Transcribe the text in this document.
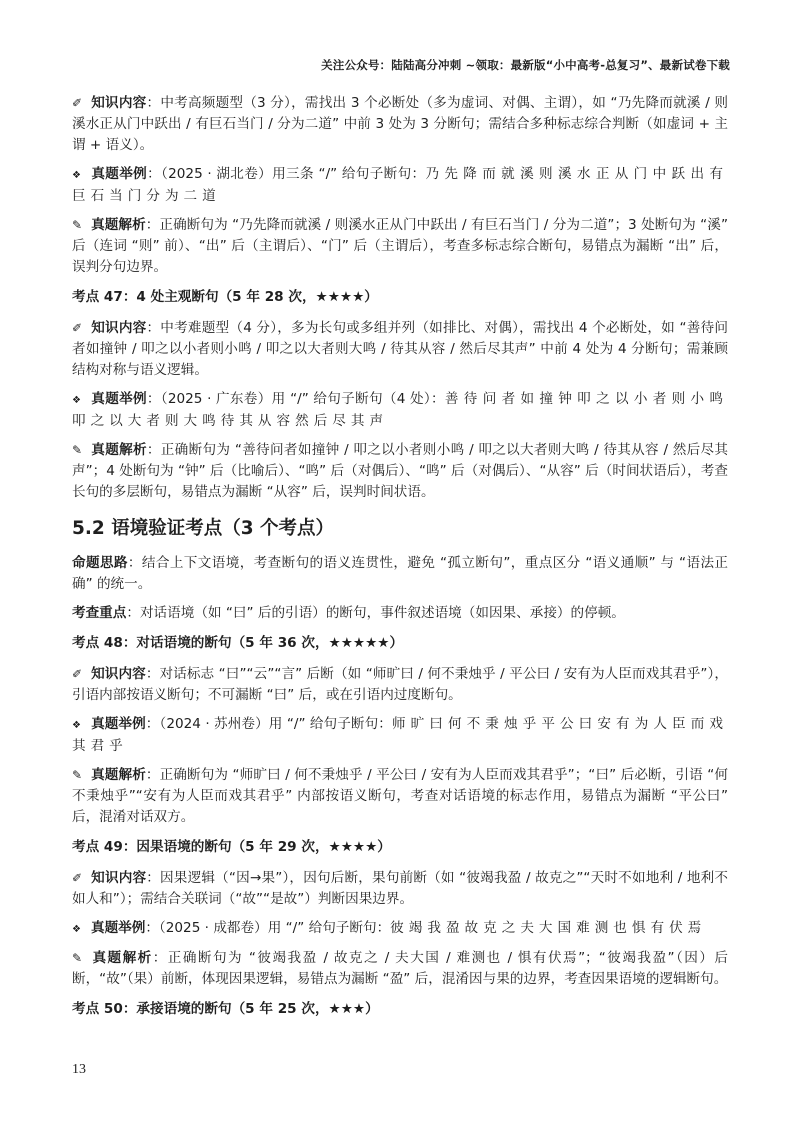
关注公众号：陆陆高分冲刺 ~领取：最新版“小中高考-总复习”、最新试卷下载

✐ 知识内容：中考高频题型（3 分），需找出 3 个必断处（多为虚词、对偶、主谓），如 “乃先降而就溪 / 则溪水正从门中跃出 / 有巨石当门 / 分为二道” 中前 3 处为 3 分断句；需结合多种标志综合判断（如虚词 + 主谓 + 语义）。

❖ 真题举例：（2025 · 湖北卷）用三条 “/” 给句子断句：乃先降而就溪则溪水正从门中跃出有巨石当门分为二道

✎ 真题解析：正确断句为 “乃先降而就溪 / 则溪水正从门中跃出 / 有巨石当门 / 分为二道”；3 处断句为 “溪” 后（连词 “则” 前）、“出” 后（主谓后）、“门” 后（主谓后），考查多标志综合断句，易错点为漏断 “出” 后，误判分句边界。

考点 47：4 处主观断句（5 年 28 次，★★★★）

✐ 知识内容：中考难题型（4 分），多为长句或多组并列（如排比、对偶），需找出 4 个必断处，如 “善待问者如撞钟 / 叩之以小者则小鸣 / 叩之以大者则大鸣 / 待其从容 / 然后尽其声” 中前 4 处为 4 分断句；需兼顾结构对称与语义逻辑。

❖ 真题举例：（2025 · 广东卷）用 “/” 给句子断句（4 处）：善待问者如撞钟叩之以小者则小鸣叩之以大者则大鸣待其从容然后尽其声

✎ 真题解析：正确断句为 “善待问者如撞钟 / 叩之以小者则小鸣 / 叩之以大者则大鸣 / 待其从容 / 然后尽其声”；4 处断句为 “钟” 后（比喻后）、“鸣” 后（对偶后）、“鸣” 后（对偶后）、“从容” 后（时间状语后），考查长句的多层断句，易错点为漏断 “从容” 后，误判时间状语。

5.2 语境验证考点（3 个考点）

命题思路：结合上下文语境，考查断句的语义连贯性，避免 “孤立断句”，重点区分 “语义通顺” 与 “语法正确” 的统一。

考查重点：对话语境（如 “曰” 后的引语）的断句，事件叙述语境（如因果、承接）的停顿。

考点 48：对话语境的断句（5 年 36 次，★★★★★）

✐ 知识内容：对话标志 “曰”“云”“言” 后断（如 “师旷曰 / 何不秉烛乎 / 平公曰 / 安有为人臣而戏其君乎”），引语内部按语义断句；不可漏断 “曰” 后，或在引语内过度断句。

❖ 真题举例：（2024 · 苏州卷）用 “/” 给句子断句：师旷曰何不秉烛乎平公曰安有为人臣而戏其君乎

✎ 真题解析：正确断句为 “师旷曰 / 何不秉烛乎 / 平公曰 / 安有为人臣而戏其君乎”；“曰” 后必断，引语 “何不秉烛乎”“安有为人臣而戏其君乎” 内部按语义断句，考查对话语境的标志作用，易错点为漏断 “平公曰” 后，混淆对话双方。

考点 49：因果语境的断句（5 年 29 次，★★★★）

✐ 知识内容：因果逻辑（“因→果”），因句后断，果句前断（如 “彼竭我盈 / 故克之”“天时不如地利 / 地利不如人和”）；需结合关联词（“故”“是故”）判断因果边界。

❖ 真题举例：（2025 · 成都卷）用 “/” 给句子断句：彼竭我盈故克之夫大国难测也惧有伏焉

✎ 真题解析：正确断句为 “彼竭我盈 / 故克之 / 夫大国 / 难测也 / 惧有伏焉”；“彼竭我盈”（因）后断，“故”（果）前断，体现因果逻辑，易错点为漏断 “盈” 后，混淆因与果的边界，考查因果语境的逻辑断句。

考点 50：承接语境的断句（5 年 25 次，★★★）
13
